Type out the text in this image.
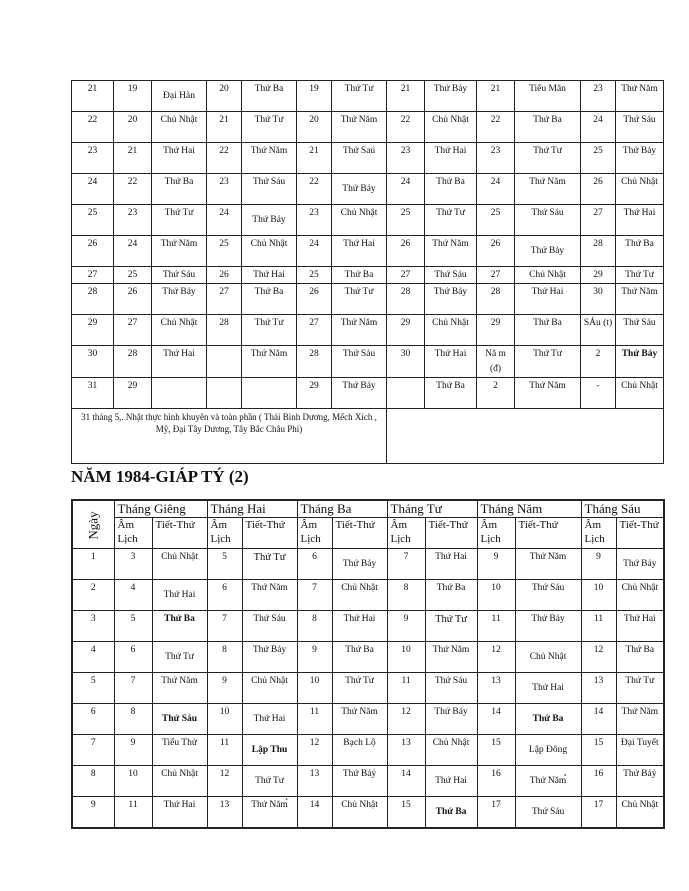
21	19	Đại Hàn	20	Thứ Ba	19	Thứ Tư	21	Thứ Bảy	21	Tiểu Mãn	23	Thứ Năm
22	20	Chủ Nhật	21	Thứ Tư	20	Thứ Năm	22	Chủ Nhật	22	Thứ Ba	24	Thứ Sáu
23	21	Thứ Hai	22	Thứ Năm	21	Thứ Saú	23	Thứ Hai	23	Thứ Tư	25	Thứ Bảy
24	22	Thứ Ba	23	Thứ Sáu	22	Thứ Bảy	24	Thứ Ba	24	Thứ Năm	26	Chủ Nhật
25	23	Thứ Tư	24	Thứ Bảy	23	Chủ Nhật	25	Thứ Tư	25	Thứ Sáu	27	Thứ Hai
26	24	Thứ Năm	25	Chủ Nhật	24	Thứ Hai	26	Thứ Năm	26	Thứ Bảy	28	Thứ Ba
27	25	Thứ Sáu	26	Thứ Hai	25	Thứ Ba	27	Thứ Sáu	27	Chủ Nhật	29	Thứ Tư
28	26	Thứ Bảy	27	Thứ Ba	26	Thứ Tư	28	Thứ Bảy	28	Thứ Hai	30	Thứ Năm
29	27	Chủ Nhật	28	Thứ Tư	27	Thứ Năm	29	Chủ Nhật	29	Thứ Ba	SÁu (t)	Thứ Sáu
30	28	Thứ Hai		Thứ Năm	28	Thứ Sáu	30	Thứ Hai	Nă m (đ)	Thứ Tư	2	Thứ Bảy
31	29				29	Thứ Bảy		Thứ Ba	2	Thứ Năm	-	Chủ Nhật
31 tháng 5,. Nhật thực hình khuyên và toàn phần ( Thái Bình Dương, Mếch Xích , Mỹ, Đại Tây Dương, Tây Bắc Châu Phi)												
NĂM 1984-GIÁP TÝ (2)
Ngày	Tháng Giêng		Tháng Hai		Tháng Ba		Tháng Tư		Tháng Năm		Tháng Sáu	
	Âm Lịch	Tiết-Thứ	Âm Lịch	Tiết-Thứ	Âm Lịch	Tiết-Thứ	Âm Lịch	Tiết-Thứ	Âm Lịch	Tiết-Thứ	Âm Lịch	Tiết-Thứ
1	3	Chủ Nhật	5	Thứ Tư	6	Thứ Bảy	7	Thứ Hai	9	Thứ Năm	9	Thứ Bảy
2	4	Thứ Hai	6	Thứ Năm	7	Chủ Nhật	8	Thứ Ba	10	Thứ Sáu	10	Chủ Nhật
3	5	Thứ Ba	7	Thứ Sáu	8	Thứ Hai	9	Thứ Tư	11	Thứ Bảy	11	Thứ Hai
4	6	Thứ Tư	8	Thứ Bảy	9	Thứ Ba	10	Thứ Năm	12	Chủ Nhật	12	Thứ Ba
5	7	Thứ Năm	9	Chủ Nhật	10	Thứ Tư	11	Thứ Sáu	13	Thứ Hai	13	Thứ Tư
6	8	Thứ Sáu	10	Thứ Hai	11	Thứ Năm	12	Thứ Bảy	14	Thứ Ba	14	Thứ Năm
7	9	Tiểu Thử	11	Lập Thu	12	Bạch Lộ	13	Chủ Nhật	15	Lập Đông	15	Đại Tuyết
8	10	Chủ Nhật	12	Thứ Tư	13	Thứ Bảỷ	14	Thứ Hai	16	Thứ Năm̉	16	Thứ Bảỷ
9	11	Thứ Hai	13	Thứ Năm̉	14	Chủ Nhật	15	Thứ Ba	17	Thứ Sáu	17	Chủ Nhật
